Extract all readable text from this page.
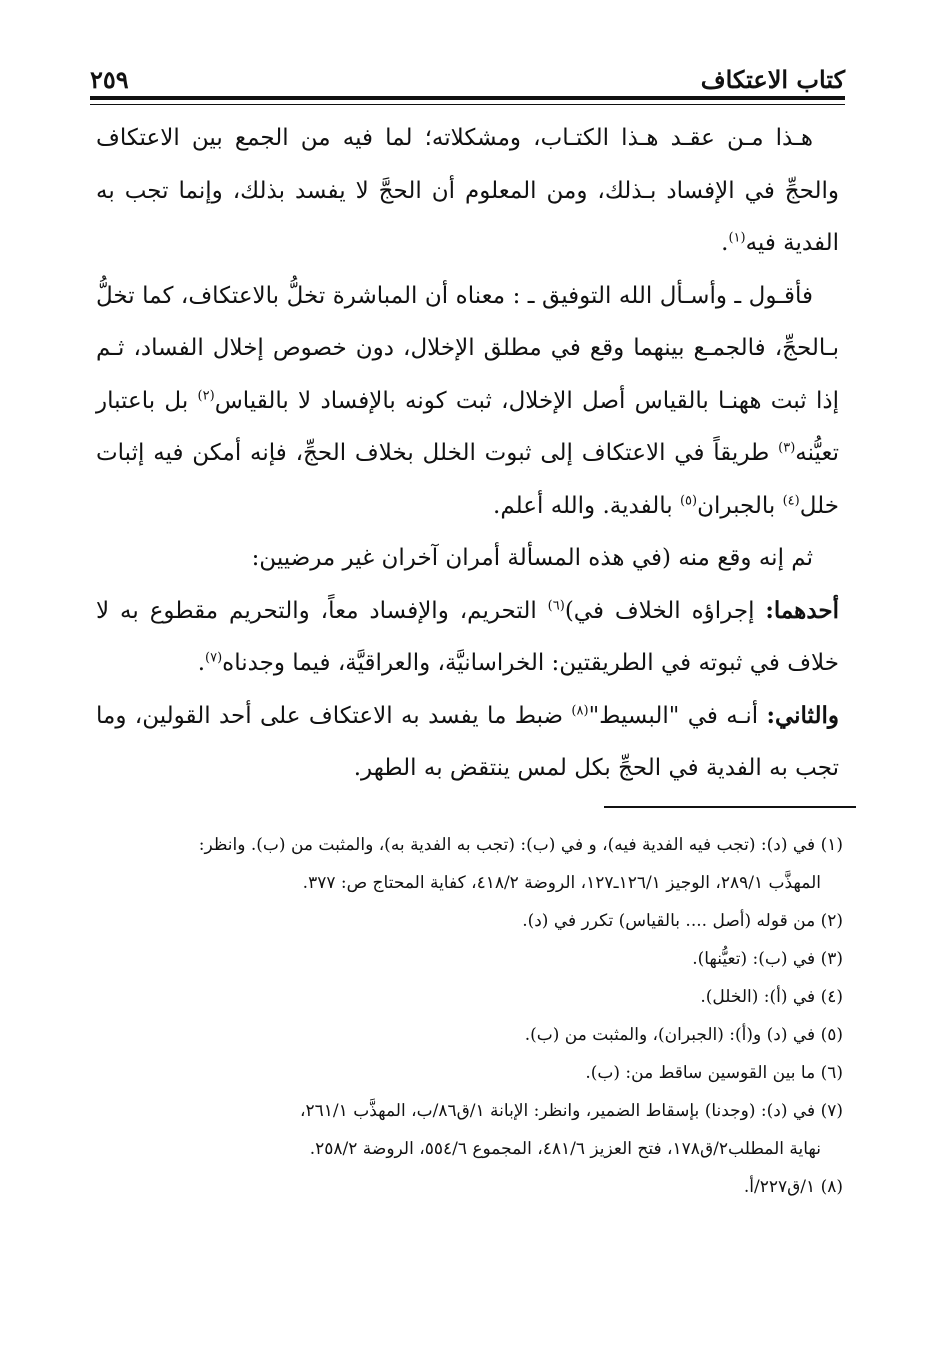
كتاب الاعتكاف
٢٥٩

هـذا مـن عقـد هـذا الكتـاب، ومشكلاته؛ لما فيه من الجمع بين الاعتكاف والحجِّ في الإفساد بـذلك، ومن المعلوم أن الحجَّ لا يفسد بذلك، وإنما تجب به الفدية فيه$^{(١)}$.

فأقـول ـ وأسـأل الله التوفيق ـ : معناه أن المباشرة تخلُّ بالاعتكاف، كما تخلُّ بـالحجِّ، فالجمـع بينهما وقع في مطلق الإخلال، دون خصوص إخلال الفساد، ثـم إذا ثبت ههنـا بالقياس أصل الإخلال، ثبت كونه بالإفساد لا بالقياس$^{(٢)}$ بل باعتبار تعيُّنه$^{(٣)}$ طريقاً في الاعتكاف إلى ثبوت الخلل بخلاف الحجِّ، فإنه أمكن فيه إثبات خلل$^{(٤)}$ بالجبران$^{(٥)}$ بالفدية. والله أعلم.

ثم إنه وقع منه (في هذه المسألة أمران آخران غير مرضيين:

أحدهما: إجراؤه الخلاف في)$^{(٦)}$ التحريم، والإفساد معاً، والتحريم مقطوع به لا خلاف في ثبوته في الطريقتين: الخراسانيَّة، والعراقيَّة، فيما وجدناه$^{(٧)}$.

والثاني: أنـه في "البسيط"$^{(٨)}$ ضبط ما يفسد به الاعتكاف على أحد القولين، وما تجب به الفدية في الحجِّ بكل لمس ينتقض به الطهر.

(١) في (د): (تجب فيه الفدية فيه)، و في (ب): (تجب به الفدية به)، والمثبت من (ب). وانظر:

المهذَّب ٢٨٩/١، الوجيز ١٢٦/١ـ١٢٧، الروضة ٤١٨/٢، كفاية المحتاج ص: ٣٧٧.

(٢) من قوله (أصل .... بالقياس) تكرر في (د).

(٣) في (ب): (تعيُّنها).

(٤) في (أ): (الخلل).

(٥) في (د) و(أ): (الجبران)، والمثبت من (ب).

(٦) ما بين القوسين ساقط من: (ب).

(٧) في (د): (وجدنا) بإسقاط الضمير، وانظر: الإبانة ١/ق٨٦/ب، المهذَّب ٢٦١/١،

نهاية المطلب٢/ق١٧٨، فتح العزيز ٤٨١/٦، المجموع ٥٥٤/٦، الروضة ٢٥٨/٢.

(٨) ١/ق٢٢٧/أ.
